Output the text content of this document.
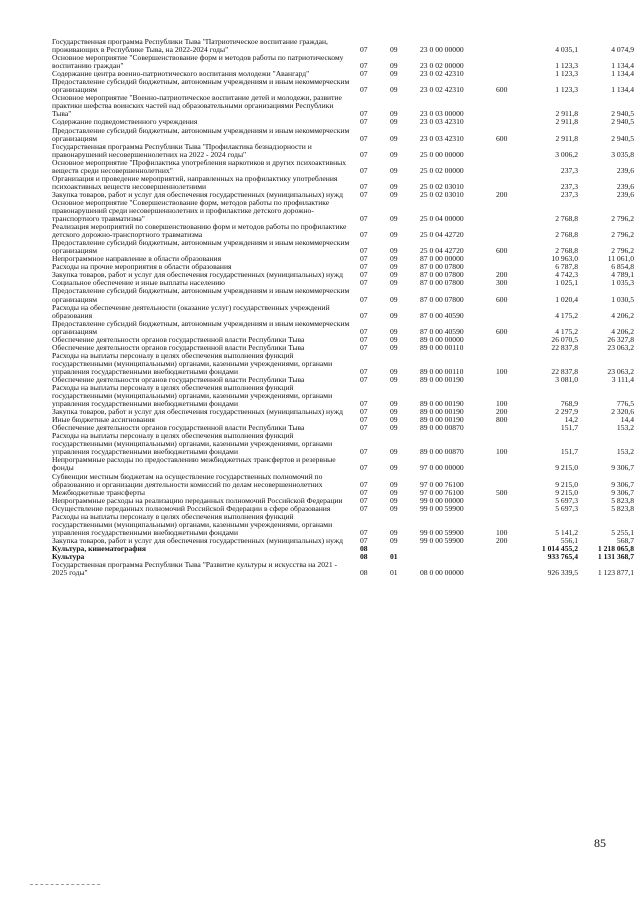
Государственная программа Республики Тыва "Патриотическое воспитание граждан, проживающих в Республике Тыва, на 2022-2024 годы"	07	09	23 0 00 00000		4 035,1	4 074,9
Основное мероприятие "Совершенствование форм и методов работы по патриотическому воспитанию граждан"	07	09	23 0 02 00000		1 123,3	1 134,4
Содержание центра военно-патриотического воспитания молодежи "Авангард"	07	09	23 0 02 42310		1 123,3	1 134,4
Предоставление субсидий бюджетным, автономным учреждениям и иным некоммерческим организациям	07	09	23 0 02 42310	600	1 123,3	1 134,4
Основное мероприятие "Военно-патриотическое воспитание детей и молодежи, развитие практики шефства воинских частей над образовательными организациями Республики Тыва"	07	09	23 0 03 00000		2 911,8	2 940,5
Содержание подведомственного учреждения	07	09	23 0 03 42310		2 911,8	2 940,5
Предоставление субсидий бюджетным, автономным учреждениям и иным некоммерческим организациям	07	09	23 0 03 42310	600	2 911,8	2 940,5
Государственная программа Республики Тыва "Профилактика безнадзорности и правонарушений несовершеннолетних на 2022 - 2024 годы"	07	09	25 0 00 00000		3 006,2	3 035,8
Основное мероприятие "Профилактика употребления наркотиков и других психоактивных веществ среди несовершеннолетних"	07	09	25 0 02 00000		237,3	239,6
Организация и проведение мероприятий, направленных на профилактику употребления психоактивных веществ несовершеннолетними	07	09	25 0 02 03010		237,3	239,6
Закупка товаров, работ и услуг для обеспечения государственных (муниципальных) нужд	07	09	25 0 02 03010	200	237,3	239,6
Основное мероприятие "Совершенствование форм, методов работы по профилактике правонарушений среди несовершеннолетних и профилактике детского дорожно-транспортного травматизма"	07	09	25 0 04 00000		2 768,8	2 796,2
Реализация мероприятий по совершенствованию форм и методов работы по профилактике детского дорожно-транспортного травматизма	07	09	25 0 04 42720		2 768,8	2 796,2
Предоставление субсидий бюджетным, автономным учреждениям и иным некоммерческим организациям	07	09	25 0 04 42720	600	2 768,8	2 796,2
Непрограммное направление в области образования	07	09	87 0 00 00000		10 963,0	11 061,0
Расходы на прочие мероприятия в области образования	07	09	87 0 00 07800		6 787,8	6 854,8
Закупка товаров, работ и услуг для обеспечения государственных (муниципальных) нужд	07	09	87 0 00 07800	200	4 742,3	4 789,1
Социальное обеспечение и иные выплаты населению	07	09	87 0 00 07800	300	1 025,1	1 035,3
Предоставление субсидий бюджетным, автономным учреждениям и иным некоммерческим организациям	07	09	87 0 00 07800	600	1 020,4	1 030,5
Расходы на обеспечение деятельности (оказание услуг) государственных учреждений образования	07	09	87 0 00 40590		4 175,2	4 206,2
Предоставление субсидий бюджетным, автономным учреждениям и иным некоммерческим организациям	07	09	87 0 00 40590	600	4 175,2	4 206,2
Обеспечение деятельности органов государственной власти Республики Тыва	07	09	89 0 00 00000		26 070,5	26 327,8
Обеспечение деятельности органов государственной власти Республики Тыва	07	09	89 0 00 00110		22 837,8	23 063,2
Расходы на выплаты персоналу в целях обеспечения выполнения функций государственными (муниципальными) органами, казенными учреждениями, органами управления государственными внебюджетными фондами	07	09	89 0 00 00110	100	22 837,8	23 063,2
Обеспечение деятельности органов государственной власти Республики Тыва	07	09	89 0 00 00190		3 081,0	3 111,4
Расходы на выплаты персоналу в целях обеспечения выполнения функций государственными (муниципальными) органами, казенными учреждениями, органами управления государственными внебюджетными фондами	07	09	89 0 00 00190	100	768,9	776,5
Закупка товаров, работ и услуг для обеспечения государственных (муниципальных) нужд	07	09	89 0 00 00190	200	2 297,9	2 320,6
Иные бюджетные ассигнования	07	09	89 0 00 00190	800	14,2	14,4
Обеспечение деятельности органов государственной власти Республики Тыва	07	09	89 0 00 00870		151,7	153,2
Расходы на выплаты персоналу в целях обеспечения выполнения функций государственными (муниципальными) органами, казенными учреждениями, органами управления государственными внебюджетными фондами	07	09	89 0 00 00870	100	151,7	153,2
Непрограммные расходы по предоставлению межбюджетных трансфертов и резервные фонды	07	09	97 0 00 00000		9 215,0	9 306,7
Субвенции местным бюджетам на осуществление государственных полномочий по образованию и организации деятельности комиссий по делам несовершеннолетних	07	09	97 0 00 76100		9 215,0	9 306,7
Межбюджетные трансферты	07	09	97 0 00 76100	500	9 215,0	9 306,7
Непрограммные расходы на реализацию переданных полномочий Российской Федерации	07	09	99 0 00 00000		5 697,3	5 823,8
Осуществление переданных полномочий Российской Федерации в сфере образования	07	09	99 0 00 59900		5 697,3	5 823,8
Расходы на выплаты персоналу в целях обеспечения выполнения функций государственными (муниципальными) органами, казенными учреждениями, органами управления государственными внебюджетными фондами	07	09	99 0 00 59900	100	5 141,2	5 255,1
Закупка товаров, работ и услуг для обеспечения государственных (муниципальных) нужд	07	09	99 0 00 59900	200	556,1	568,7
Культура, кинематография	08				1 014 455,2	1 218 065,8
Культура	08	01			933 765,4	1 131 368,7
Государственная программа Республики Тыва "Развитие культуры и искусства на 2021 - 2025 годы"	08	01	08 0 00 00000		926 339,5	1 123 877,1
85
